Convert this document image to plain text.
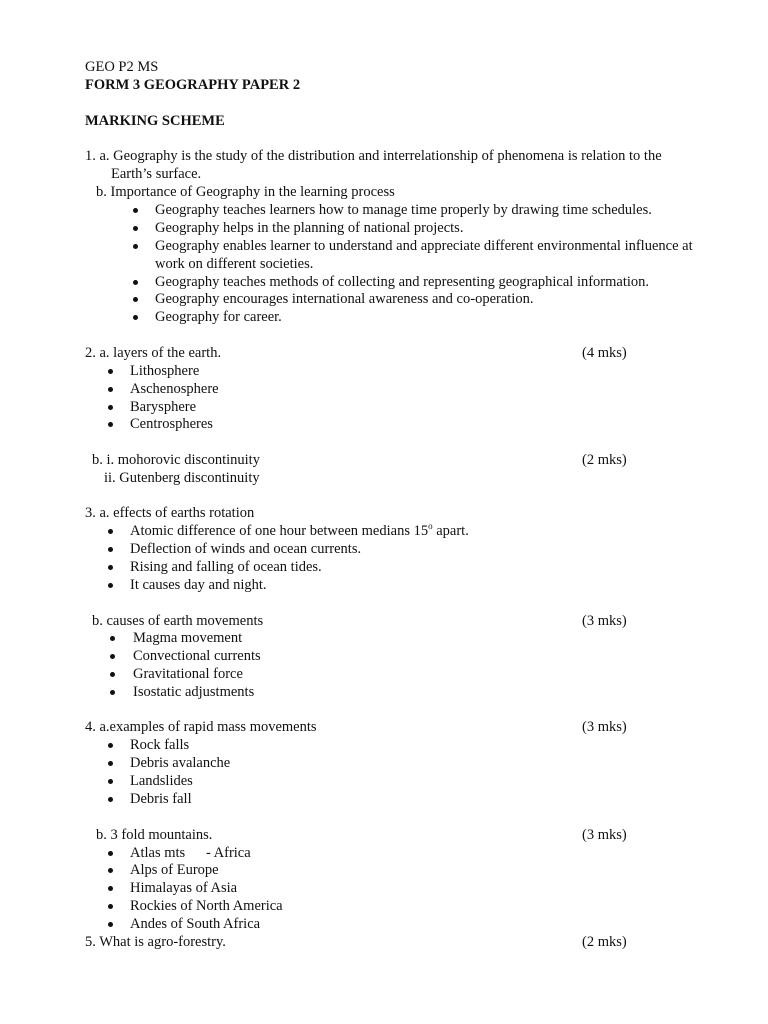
GEO P2 MS
FORM 3 GEOGRAPHY PAPER 2
MARKING SCHEME
1. a. Geography is the study of the distribution and interrelationship of phenomena is relation to the
Earth’s surface.
b. Importance of Geography in the learning process
Geography teaches learners how to manage time properly by drawing time schedules.
Geography helps in the planning of national projects.
Geography enables learner to understand and appreciate different environmental influence at
work on different societies.
Geography teaches methods of collecting and representing geographical information.
Geography encourages international awareness and co-operation.
Geography for career.
2. a. layers of the earth.	(4 mks)
Lithosphere
Aschenosphere
Barysphere
Centrospheres
b. i. mohorovic discontinuity	(2 mks)
ii. Gutenberg discontinuity
3. a. effects of earths rotation
Atomic difference of one hour between medians 15$^o$ apart.
Deflection of winds and ocean currents.
Rising and falling of ocean tides.
It causes day and night.
b. causes of earth movements	(3 mks)
Magma movement
Convectional currents
Gravitational force
Isostatic adjustments
4. a.examples of rapid mass movements	(3 mks)
Rock falls
Debris avalanche
Landslides
Debris fall
b. 3 fold mountains.	(3 mks)
Atlas mts - Africa
Alps of Europe
Himalayas of Asia
Rockies of North America
Andes of South Africa
5. What is agro-forestry.	(2 mks)
